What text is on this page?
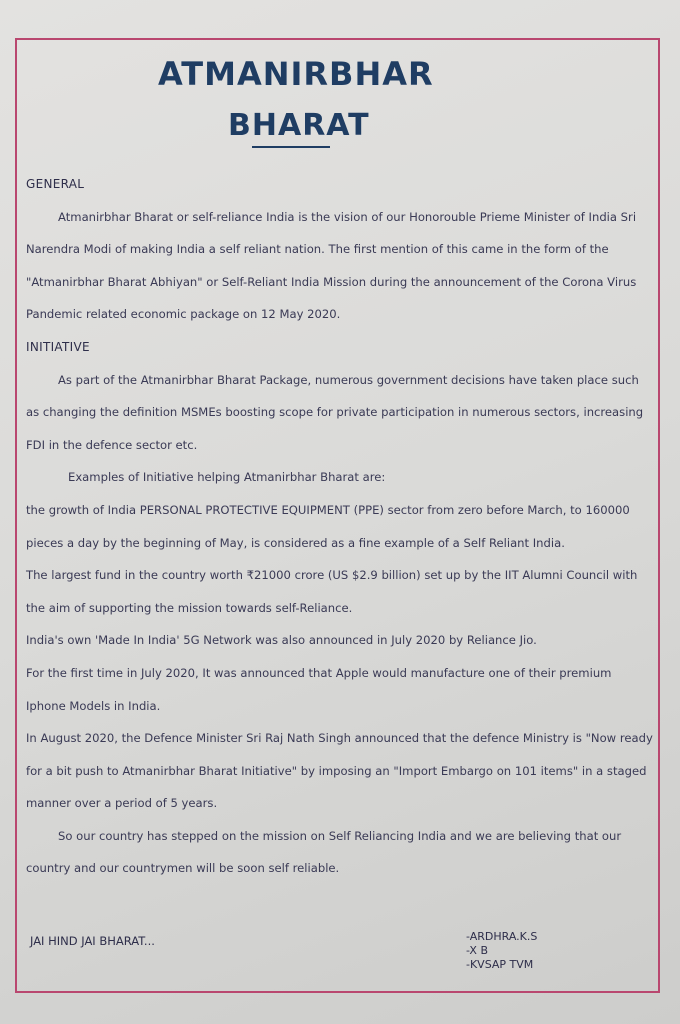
ATMANIRBHAR
BHARAT
GENERAL

Atmanirbhar Bharat or self-reliance India is the vision of our Honorouble Prieme Minister of India Sri Narendra Modi of making India a self reliant nation. The first mention of this came in the form of the "Atmanirbhar Bharat Abhiyan" or Self-Reliant India Mission during the announcement of the Corona Virus Pandemic related economic package on 12 May 2020.

INITIATIVE

As part of the Atmanirbhar Bharat Package, numerous government decisions have taken place such as changing the definition MSMEs boosting scope for private participation in numerous sectors, increasing FDI in the defence sector etc.

Examples of Initiative helping Atmanirbhar Bharat are:

the growth of India PERSONAL PROTECTIVE EQUIPMENT (PPE) sector from zero before March, to 160000 pieces a day by the beginning of May, is considered as a fine example of a Self Reliant India.

The largest fund in the country worth ₹21000 crore (US $2.9 billion) set up by the IIT Alumni Council with the aim of supporting the mission towards self-Reliance.

India's own 'Made In India' 5G Network was also announced in July 2020 by Reliance Jio.

For the first time in July 2020, It was announced that Apple would manufacture one of their premium Iphone Models in India.

In August 2020, the Defence Minister Sri Raj Nath Singh announced that the defence Ministry is "Now ready for a bit push to Atmanirbhar Bharat Initiative" by imposing an "Import Embargo on 101 items" in a staged manner over a period of 5 years.

So our country has stepped on the mission on Self Reliancing India and we are believing that our country and our countrymen will be soon self reliable.

JAI HIND JAI BHARAT...	-ARDHRA.K.S
-X B
-KVSAP TVM
